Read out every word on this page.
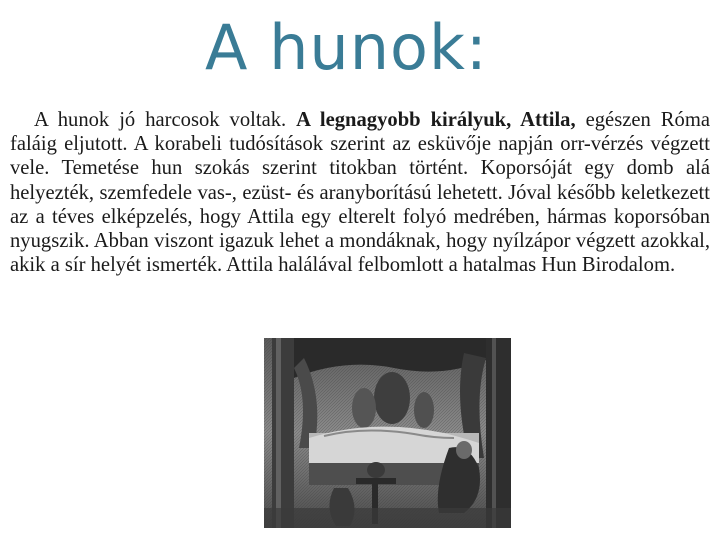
A hunok:

A hunok jó harcosok voltak. A legnagyobb királyuk, Attila, egészen Róma faláig eljutott. A korabeli tudósítások szerint az esküvője napján orr-vérzés végzett vele. Temetése hun szokás szerint titokban történt. Koporsóját egy domb alá helyezték, szemfedele vas-, ezüst- és aranyborítású lehetett. Jóval később keletkezett az a téves elképzelés, hogy Attila egy elterelt folyó medrében, hármas koporsóban nyugszik. Abban viszont igazuk lehet a mondáknak, hogy nyílzápor végzett azokkal, akik a sír helyét ismerték. Attila halálával felbomlott a hatalmas Hun Birodalom.
